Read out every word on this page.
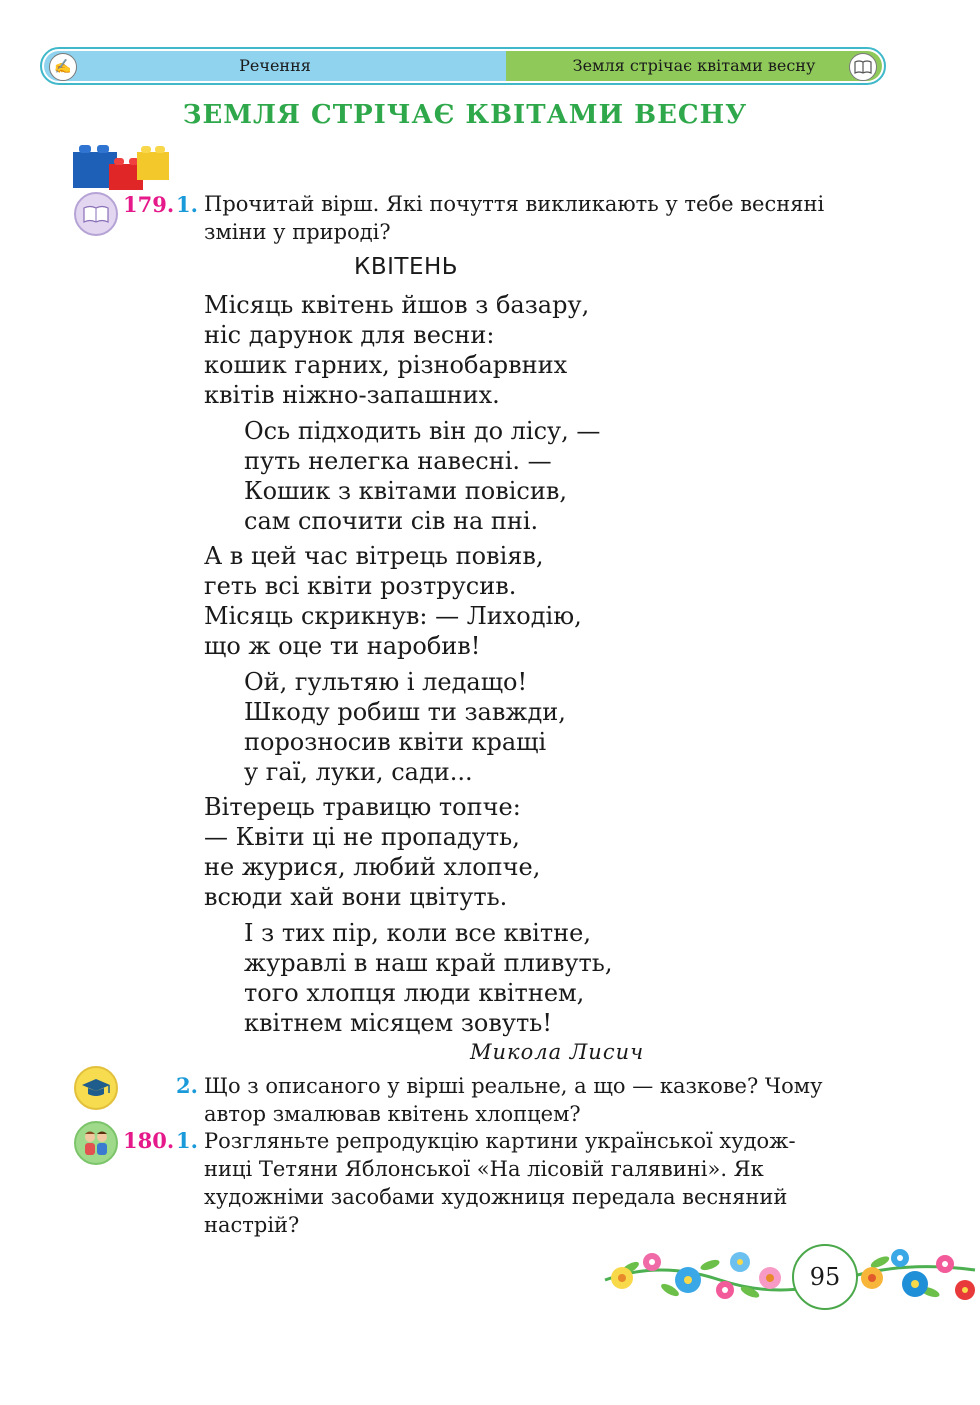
Речення	Земля стрічає квітами весну
✍
ЗЕМЛЯ СТРІЧАЄ КВІТАМИ ВЕСНУ
179. 1. Прочитай вірш. Які почуття викликають у тебе весняні
зміни у природі?
КВІТЕНЬ
Місяць квітень йшов з базару,
ніс дарунок для весни:
кошик гарних, різнобарвних
квітів ніжно-запашних.
Ось підходить він до лісу, —
путь нелегка навесні. —
Кошик з квітами повісив,
сам спочити сів на пні.
А в цей час вітрець повіяв,
геть всі квіти розтрусив.
Місяць скрикнув: — Лиходію,
що ж оце ти наробив!
Ой, гультяю і ледащо!
Шкоду робиш ти завжди,
порозносив квіти кращі
у гаї, луки, сади...
Вітерець травицю топче:
— Квіти ці не пропадуть,
не журися, любий хлопче,
всюди хай вони цвітуть.
І з тих пір, коли все квітне,
журавлі в наш край пливуть,
того хлопця люди квітнем,
квітнем місяцем зовуть!
Микола Лисич
2. Що з описаного у вірші реальне, а що — казкове? Чому
автор змалював квітень хлопцем?
180. 1. Розгляньте репродукцію картини української худож-
ниці Тетяни Яблонської «На лісовій галявині». Як
художніми засобами художниця передала весняний
настрій?
95
